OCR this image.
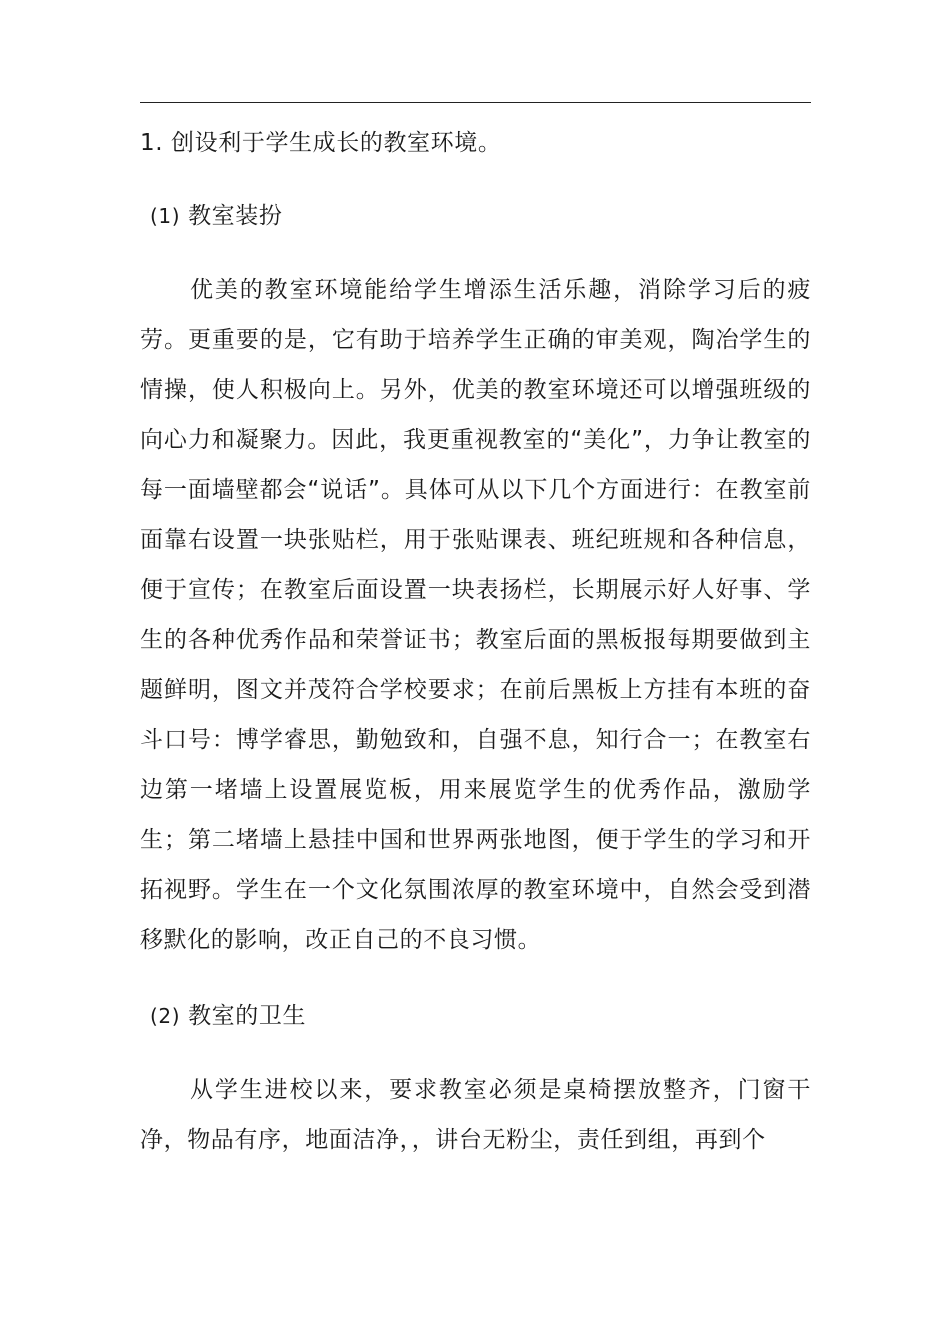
1. 创设利于学生成长的教室环境。

(1) 教室装扮

优美的教室环境能给学生增添生活乐趣，消除学习后的疲劳。更重要的是，它有助于培养学生正确的审美观，陶冶学生的情操，使人积极向上。另外，优美的教室环境还可以增强班级的向心力和凝聚力。因此，我更重视教室的“美化”，力争让教室的每一面墙壁都会“说话”。具体可从以下几个方面进行：在教室前面靠右设置一块张贴栏，用于张贴课表、班纪班规和各种信息，便于宣传；在教室后面设置一块表扬栏，长期展示好人好事、学生的各种优秀作品和荣誉证书；教室后面的黑板报每期要做到主题鲜明，图文并茂符合学校要求；在前后黑板上方挂有本班的奋斗口号：博学睿思，勤勉致和，自强不息，知行合一；在教室右边第一堵墙上设置展览板，用来展览学生的优秀作品，激励学生；第二堵墙上悬挂中国和世界两张地图，便于学生的学习和开拓视野。学生在一个文化氛围浓厚的教室环境中，自然会受到潜移默化的影响，改正自己的不良习惯。

(2) 教室的卫生

从学生进校以来，要求教室必须是桌椅摆放整齐，门窗干净，物品有序，地面洁净，，讲台无粉尘，责任到组，再到个
